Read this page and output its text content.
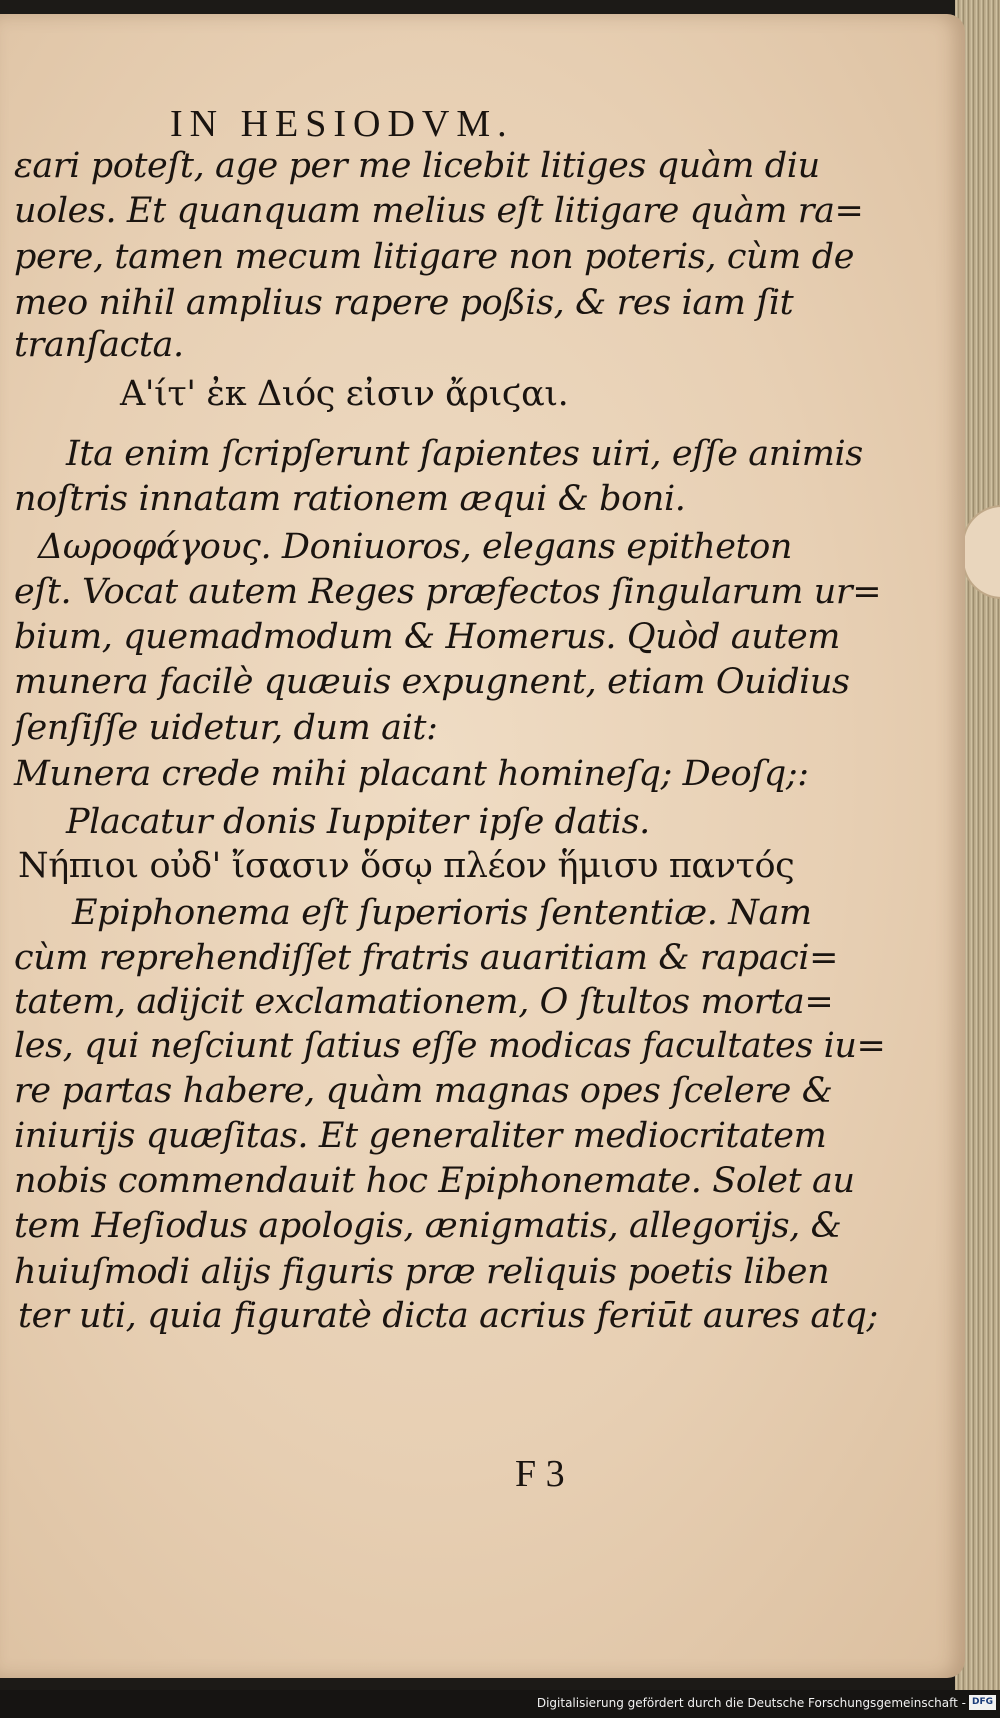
IN HESIODVM.
ɛari poteſt, age per me licebit litiges quàm diu
uoles. Et quanquam melius eſt litigare quàm ra=
pere, tamen mecum litigare non poteris, cùm de
meo nihil amplius rapere poßis, & res iam ſit
tranſacta.
Α'ίτ' ἐκ Διός εἰσιν ἄριϛαι.
Ita enim ſcripſerunt ſapientes uiri, eſſe animis
noſtris innatam rationem æqui & boni.
Δωροφάγους. Doniuoros, elegans epitheton
eſt. Vocat autem Reges præfectos ſingularum ur=
bium, quemadmodum & Homerus. Quòd autem
munera facilè quæuis expugnent, etiam Ouidius
ſenſiſſe uidetur, dum ait:
Munera crede mihi placant homineſq; Deoſq;:
Placatur donis Iuppiter ipſe datis.
Νήπιοι οὐδ' ἴσασιν ὅσῳ πλέον ἥμισυ παντός
Epiphonema eſt ſuperioris ſententiæ. Nam
cùm reprehendiſſet fratris auaritiam & rapaci=
tatem, adijcit exclamationem, O ſtultos morta=
les, qui neſciunt ſatius eſſe modicas facultates iu=
re partas habere, quàm magnas opes ſcelere &
iniurijs quæſitas. Et generaliter mediocritatem
nobis commendauit hoc Epiphonemate. Solet au
tem Heſiodus apologis, ænigmatis, allegorijs, &
huiuſmodi alijs figuris præ reliquis poetis liben
ter uti, quia figuratè dicta acrius feriūt aures atq;
F 3
Digitalisierung gefördert durch die Deutsche Forschungsgemeinschaft - DFG
